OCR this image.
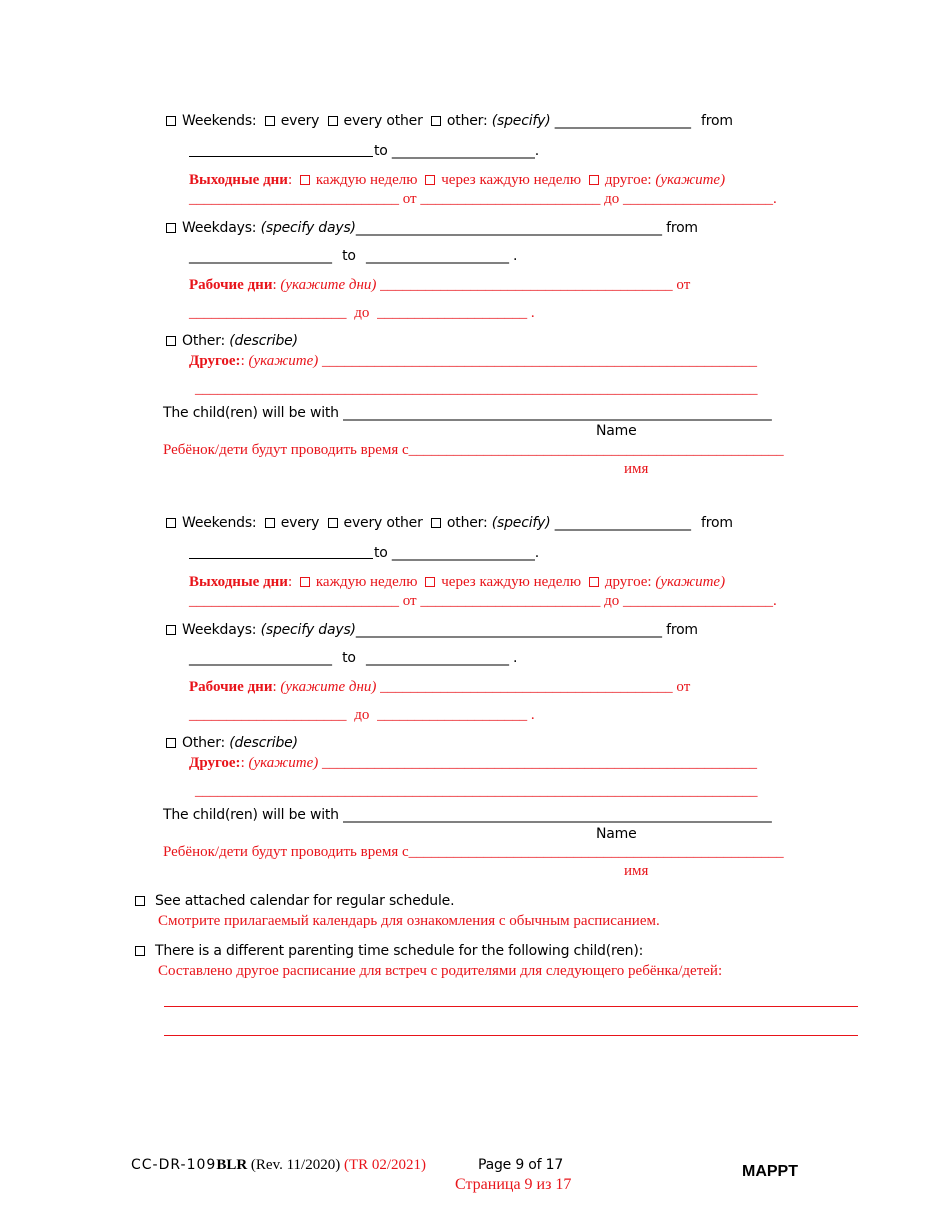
Weekends: every every other other: (specify) ____________________ from
to _____________________.
Выходные дни: каждую неделю через каждую неделю другое: (укажите)
____________________________ от ________________________ до ____________________.
Weekdays: (specify days)_____________________________________________ from
_____________________ to _____________________ .
Рабочие дни: (укажите дни) _______________________________________ от
_____________________ до ____________________ .
Other: (describe)
Другое:: (укажите) __________________________________________________________
___________________________________________________________________________
The child(ren) will be with _______________________________________________________________
Name
Ребёнок/дети будут проводить время с__________________________________________________
имя
Weekends: every every other other: (specify) ____________________ from
to _____________________.
Выходные дни: каждую неделю через каждую неделю другое: (укажите)
____________________________ от ________________________ до ____________________.
Weekdays: (specify days)_____________________________________________ from
_____________________ to _____________________ .
Рабочие дни: (укажите дни) _______________________________________ от
_____________________ до ____________________ .
Other: (describe)
Другое:: (укажите) __________________________________________________________
___________________________________________________________________________
The child(ren) will be with _______________________________________________________________
Name
Ребёнок/дети будут проводить время с__________________________________________________
имя
See attached calendar for regular schedule.
Смотрите прилагаемый календарь для ознакомления с обычным расписанием.
There is a different parenting time schedule for the following child(ren):
Составлено другое расписание для встреч с родителями для следующего ребёнка/детей:
CC-DR-109BLR (Rev. 11/2020) (TR 02/2021)	Page 9 of 17
Страница 9 из 17
MAPPT
